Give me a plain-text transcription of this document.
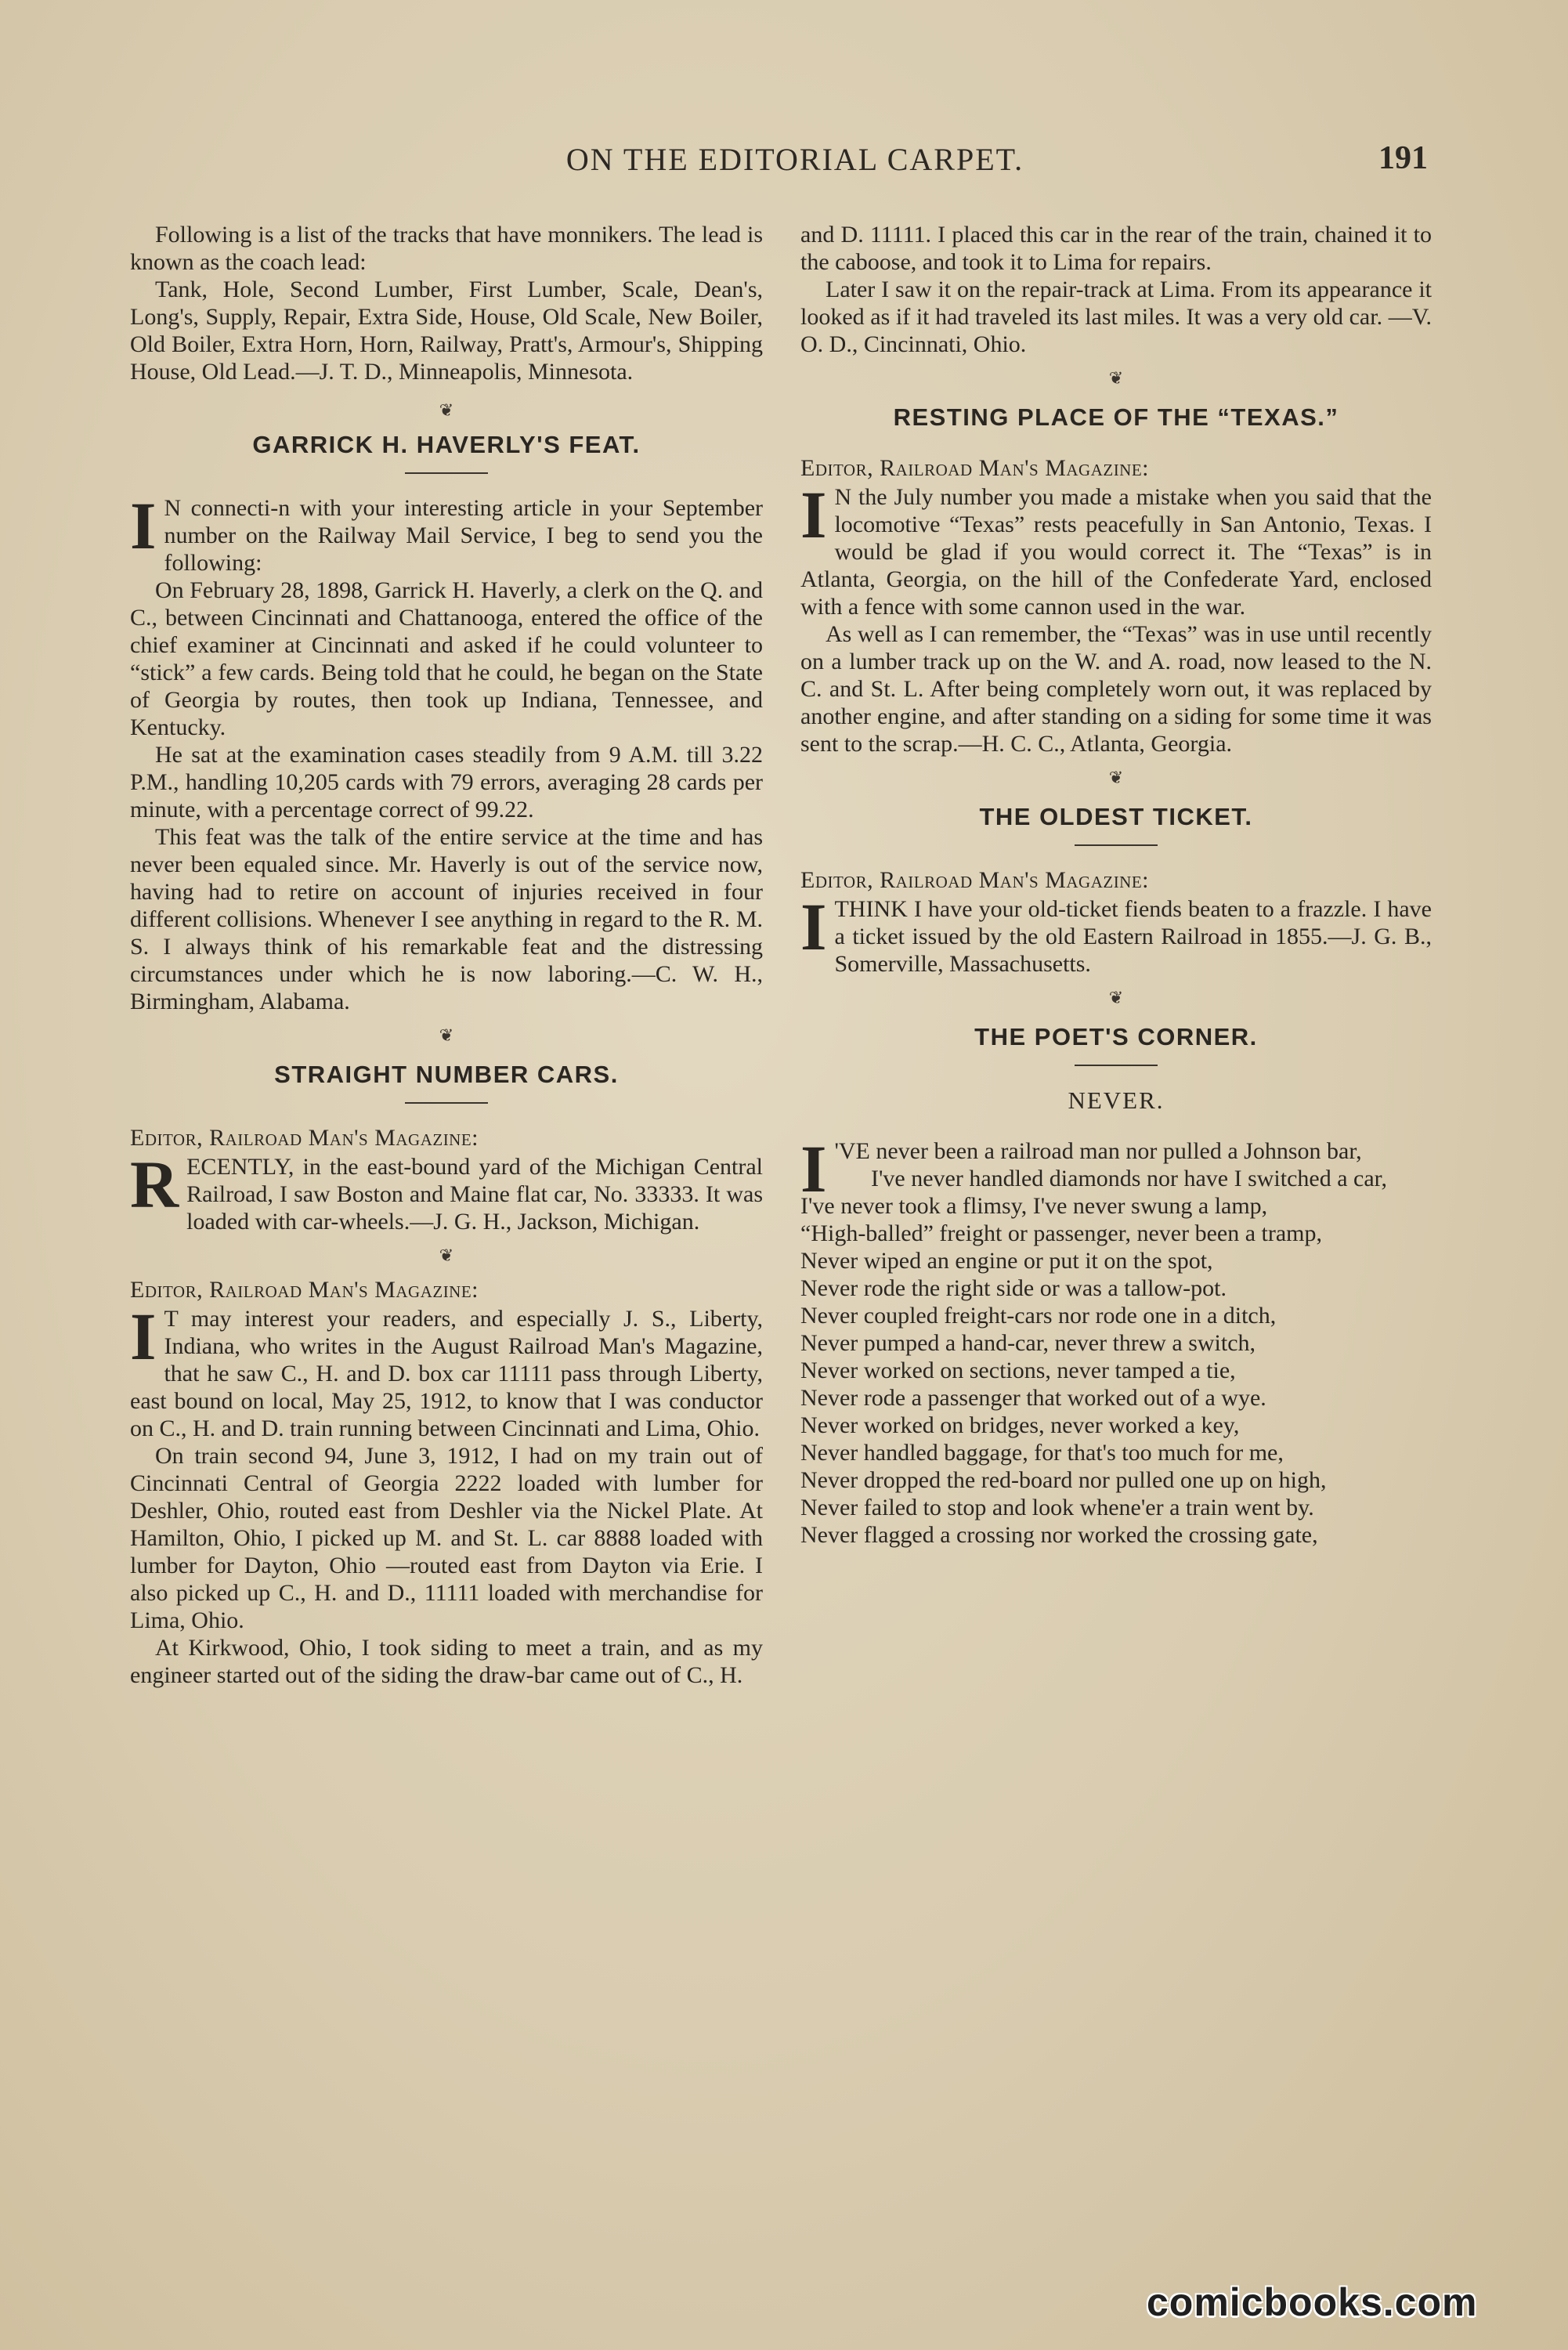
ON THE EDITORIAL CARPET.	191

Following is a list of the tracks that have monnikers. The lead is known as the coach lead:

Tank, Hole, Second Lumber, First Lumber, Scale, Dean's, Long's, Supply, Repair, Extra Side, House, Old Scale, New Boiler, Old Boiler, Extra Horn, Horn, Railway, Pratt's, Armour's, Shipping House, Old Lead.—J. T. D., Minneapolis, Minnesota.

❦
GARRICK H. HAVERLY'S FEAT.
I N connecti‑n with your interesting article in your September number on the Railway Mail Service, I beg to send you the following:

On February 28, 1898, Garrick H. Haverly, a clerk on the Q. and C., between Cincinnati and Chattanooga, entered the office of the chief examiner at Cincinnati and asked if he could volunteer to “stick” a few cards. Being told that he could, he began on the State of Georgia by routes, then took up Indiana, Tennessee, and Kentucky.

He sat at the examination cases steadily from 9 A.M. till 3.22 P.M., handling 10,205 cards with 79 errors, averaging 28 cards per minute, with a percentage correct of 99.22.

This feat was the talk of the entire service at the time and has never been equaled since. Mr. Haverly is out of the service now, having had to retire on account of injuries received in four different collisions. Whenever I see anything in regard to the R. M. S. I always think of his remarkable feat and the distressing circumstances under which he is now laboring.—C. W. H., Birmingham, Alabama.

❦
STRAIGHT NUMBER CARS.

Editor, Railroad Man's Magazine:

R ECENTLY, in the east-bound yard of the Michigan Central Railroad, I saw Boston and Maine flat car, No. 33333. It was loaded with car-wheels.—J. G. H., Jackson, Michigan.

❦

Editor, Railroad Man's Magazine:

I T may interest your readers, and especially J. S., Liberty, Indiana, who writes in the August Railroad Man's Magazine, that he saw C., H. and D. box car 11111 pass through Liberty, east bound on local, May 25, 1912, to know that I was conductor on C., H. and D. train running between Cincinnati and Lima, Ohio.

On train second 94, June 3, 1912, I had on my train out of Cincinnati Central of Georgia 2222 loaded with lumber for Deshler, Ohio, routed east from Deshler via the Nickel Plate. At Hamilton, Ohio, I picked up M. and St. L. car 8888 loaded with lumber for Dayton, Ohio —routed east from Dayton via Erie. I also picked up C., H. and D., 11111 loaded with merchandise for Lima, Ohio.

At Kirkwood, Ohio, I took siding to meet a train, and as my engineer started out of the siding the draw-bar came out of C., H.

and D. 11111. I placed this car in the rear of the train, chained it to the caboose, and took it to Lima for repairs.

Later I saw it on the repair-track at Lima. From its appearance it looked as if it had traveled its last miles. It was a very old car. —V. O. D., Cincinnati, Ohio.

❦
RESTING PLACE OF THE “TEXAS.”

Editor, Railroad Man's Magazine:

I N the July number you made a mistake when you said that the locomotive “Texas” rests peacefully in San Antonio, Texas. I would be glad if you would correct it. The “Texas” is in Atlanta, Georgia, on the hill of the Confederate Yard, enclosed with a fence with some cannon used in the war.

As well as I can remember, the “Texas” was in use until recently on a lumber track up on the W. and A. road, now leased to the N. C. and St. L. After being completely worn out, it was replaced by another engine, and after standing on a siding for some time it was sent to the scrap.—H. C. C., Atlanta, Georgia.

❦
THE OLDEST TICKET.

Editor, Railroad Man's Magazine:

I THINK I have your old-ticket fiends beaten to a frazzle. I have a ticket issued by the old Eastern Railroad in 1855.—J. G. B., Somerville, Massachusetts.

❦
THE POET'S CORNER.
NEVER.
I 'VE never been a railroad man nor pulled a Johnson bar,

I've never handled diamonds nor have I switched a car,

I've never took a flimsy, I've never swung a lamp,

“High-balled” freight or passenger, never been a tramp,

Never wiped an engine or put it on the spot,

Never rode the right side or was a tallow-pot.

Never coupled freight-cars nor rode one in a ditch,

Never pumped a hand-car, never threw a switch,

Never worked on sections, never tamped a tie,

Never rode a passenger that worked out of a wye.

Never worked on bridges, never worked a key,

Never handled baggage, for that's too much for me,

Never dropped the red-board nor pulled one up on high,

Never failed to stop and look whene'er a train went by.

Never flagged a crossing nor worked the crossing gate,

comicbooks.com
